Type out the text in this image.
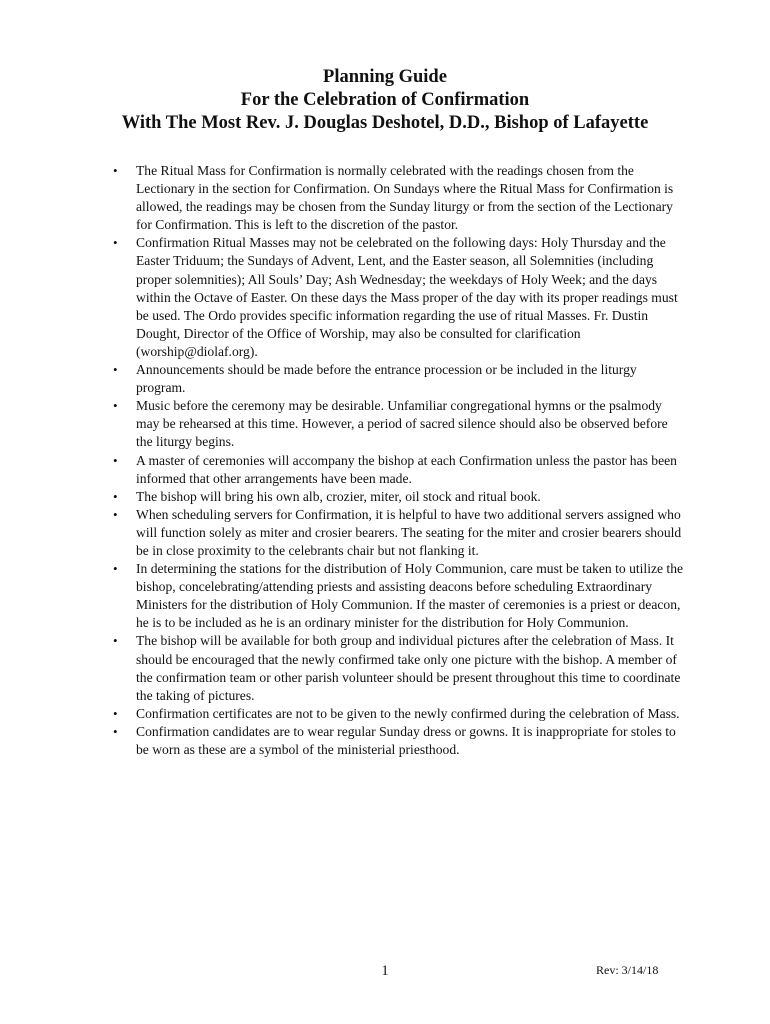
Planning Guide
For the Celebration of Confirmation
With The Most Rev. J. Douglas Deshotel, D.D., Bishop of Lafayette
• The Ritual Mass for Confirmation is normally celebrated with the readings chosen from the Lectionary in the section for Confirmation. On Sundays where the Ritual Mass for Confirmation is allowed, the readings may be chosen from the Sunday liturgy or from the section of the Lectionary for Confirmation. This is left to the discretion of the pastor.
• Confirmation Ritual Masses may not be celebrated on the following days: Holy Thursday and the Easter Triduum; the Sundays of Advent, Lent, and the Easter season, all Solemnities (including proper solemnities); All Souls’ Day; Ash Wednesday; the weekdays of Holy Week; and the days within the Octave of Easter. On these days the Mass proper of the day with its proper readings must be used. The Ordo provides specific information regarding the use of ritual Masses. Fr. Dustin Dought, Director of the Office of Worship, may also be consulted for clarification (worship@diolaf.org).
• Announcements should be made before the entrance procession or be included in the liturgy program.
• Music before the ceremony may be desirable. Unfamiliar congregational hymns or the psalmody may be rehearsed at this time. However, a period of sacred silence should also be observed before the liturgy begins.
• A master of ceremonies will accompany the bishop at each Confirmation unless the pastor has been informed that other arrangements have been made.
• The bishop will bring his own alb, crozier, miter, oil stock and ritual book.
• When scheduling servers for Confirmation, it is helpful to have two additional servers assigned who will function solely as miter and crosier bearers. The seating for the miter and crosier bearers should be in close proximity to the celebrants chair but not flanking it.
• In determining the stations for the distribution of Holy Communion, care must be taken to utilize the bishop, concelebrating/attending priests and assisting deacons before scheduling Extraordinary Ministers for the distribution of Holy Communion. If the master of ceremonies is a priest or deacon, he is to be included as he is an ordinary minister for the distribution for Holy Communion.
• The bishop will be available for both group and individual pictures after the celebration of Mass. It should be encouraged that the newly confirmed take only one picture with the bishop. A member of the confirmation team or other parish volunteer should be present throughout this time to coordinate the taking of pictures.
• Confirmation certificates are not to be given to the newly confirmed during the celebration of Mass.
• Confirmation candidates are to wear regular Sunday dress or gowns. It is inappropriate for stoles to be worn as these are a symbol of the ministerial priesthood.
1	Rev: 3/14/18
